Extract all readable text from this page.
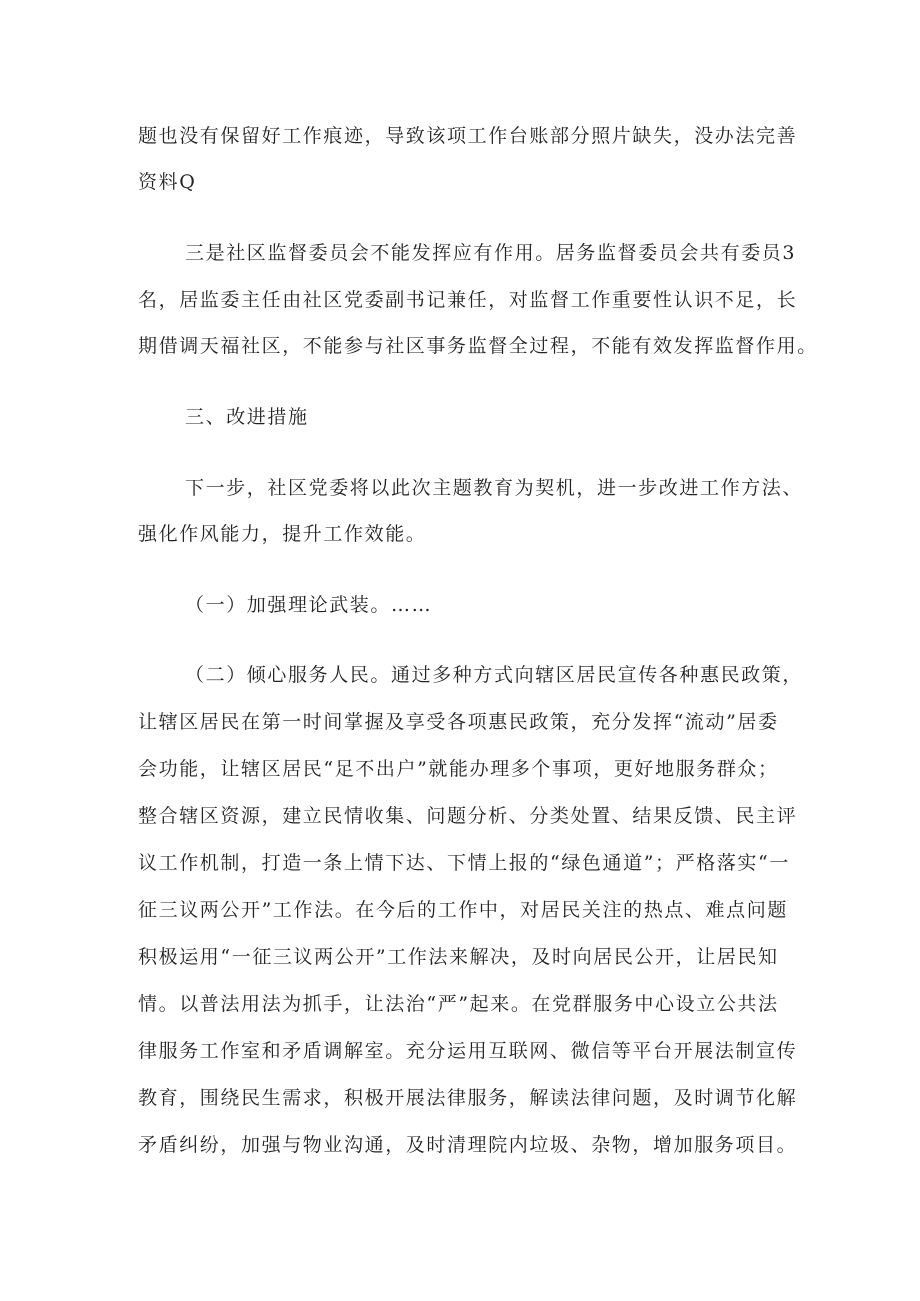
题也没有保留好工作痕迹，导致该项工作台账部分照片缺失，没办法完善
资料Q
三是社区监督委员会不能发挥应有作用。居务监督委员会共有委员3
名，居监委主任由社区党委副书记兼任，对监督工作重要性认识不足，长
期借调天福社区，不能参与社区事务监督全过程，不能有效发挥监督作用。
三、改进措施
下一步，社区党委将以此次主题教育为契机，进一步改进工作方法、
强化作风能力，提升工作效能。
（一）加强理论武装。……
（二）倾心服务人民。通过多种方式向辖区居民宣传各种惠民政策，
让辖区居民在第一时间掌握及享受各项惠民政策，充分发挥“流动”居委
会功能，让辖区居民“足不出户”就能办理多个事项，更好地服务群众；
整合辖区资源，建立民情收集、问题分析、分类处置、结果反馈、民主评
议工作机制，打造一条上情下达、下情上报的“绿色通道”；严格落实“一
征三议两公开”工作法。在今后的工作中，对居民关注的热点、难点问题
积极运用“一征三议两公开”工作法来解决，及时向居民公开，让居民知
情。以普法用法为抓手，让法治“严”起来。在党群服务中心设立公共法
律服务工作室和矛盾调解室。充分运用互联网、微信等平台开展法制宣传
教育，围绕民生需求，积极开展法律服务，解读法律问题，及时调节化解
矛盾纠纷，加强与物业沟通，及时清理院内垃圾、杂物，增加服务项目。
